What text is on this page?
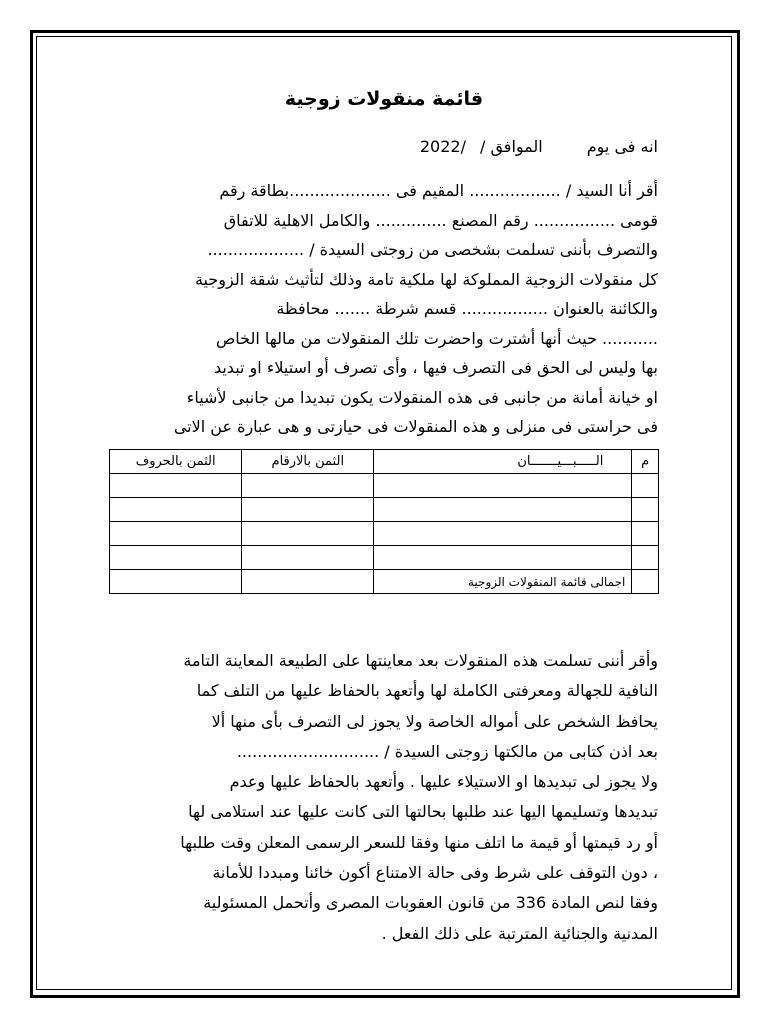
قائمة منقولات زوجية
انه فى يومالموافق /2022/
أقر أنا السيد / .................. المقيم فى ....................بطاقة رقم
قومى ................ رقم المصنع .............. والكامل الاهلية للاتفاق
والتصرف بأننى تسلمت بشخصى من زوجتى السيدة / ...................
كل منقولات الزوجية المملوكة لها ملكية تامة وذلك لتأثيث شقة الزوجية
والكائنة بالعنوان ................. قسم شرطة ....... محافظة
........... حيث أنها أشترت واحضرت تلك المنقولات من مالها الخاص
بها وليس لى الحق فى التصرف فيها ، وأى تصرف أو استيلاء او تبديد
او خيانة أمانة من جانبى فى هذه المنقولات يكون تبديدا من جانبى لأشياء
فى حراستى فى منزلى و هذه المنقولات فى حيازتى و هى عبارة عن الاتى
م	الـــــبـــيـــــــان	الثمن بالارقام	الثمن بالحروف

	اجمالى قائمة المنقولات الزوجية		
وأقر أننى تسلمت هذه المنقولات بعد معاينتها على الطبيعة المعاينة التامة
النافية للجهالة ومعرفتى الكاملة لها وأتعهد بالحفاظ عليها من التلف كما
يحافظ الشخص على أمواله الخاصة ولا يجوز لى التصرف بأى منها ألا
بعد اذن كتابى من مالكتها زوجتى السيدة / ............................
ولا يجوز لى تبديدها او الاستيلاء عليها . وأتعهد بالحفاظ عليها وعدم
تبديدها وتسليمها اليها عند طلبها بحالتها التى كانت عليها عند استلامى لها
أو رد قيمتها أو قيمة ما اتلف منها وفقا للسعر الرسمى المعلن وقت طلبها
، دون التوقف على شرط وفى حالة الامتناع أكون خائنا ومبددا للأمانة
وفقا لنص المادة 336 من قانون العقوبات المصرى وأتحمل المسئولية
المدنية والجنائية المترتبة على ذلك الفعل .
